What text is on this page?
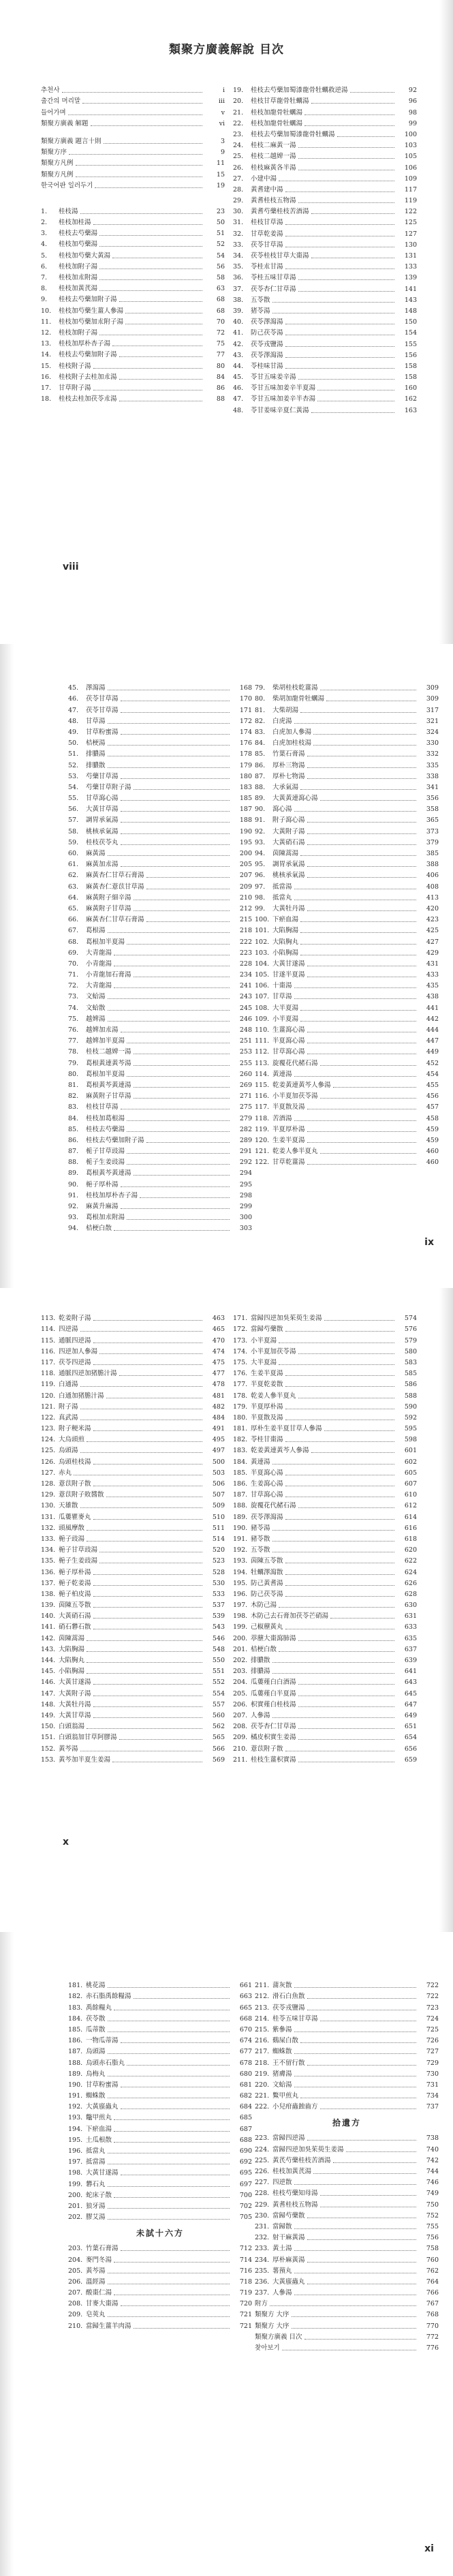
類聚方廣義解說 目次
추천사	i
출간의 머리말	iii
들어가며	v
類聚方廣義 解題	vi
類聚方廣義 題言十則	3
類聚方序	9
類聚方凡例	11
類聚方凡例	15
한국어판 일러두기	19
1.	桂枝湯	23
2.	桂枝加桂湯	50
3.	桂枝去芍藥湯	51
4.	桂枝加芍藥湯	52
5.	桂枝加芍藥大黃湯	54
6.	桂枝加附子湯	56
7.	桂枝加朮附湯	58
8.	桂枝加黃芪湯	63
9.	桂枝去芍藥加附子湯	68
10.	桂枝加芍藥生薑人參湯	68
11.	桂枝加芍藥加朮附子湯	70
12.	桂枝加附子湯	72
13.	桂枝加厚朴杏子湯	75
14.	桂枝去芍藥加附子湯	77
15.	桂枝附子湯	80
16.	桂枝附子去桂加朮湯	84
17.	甘草附子湯	86
18.	桂枝去桂加茯苓朮湯	88
19.	桂枝去芍藥加蜀漆龍骨牡蠣救逆湯	92
20.	桂枝甘草龍骨牡蠣湯	96
21.	桂枝加龍骨牡蠣湯	98
22.	桂枝加龍骨牡蠣湯	99
23.	桂枝去芍藥加蜀漆龍骨牡蠣湯	100
24.	桂枝二麻黃一湯	103
25.	桂枝二越婢一湯	105
26.	桂枝麻黃各半湯	106
27.	小建中湯	109
28.	黃耆建中湯	117
29.	黃耆桂枝五物湯	119
30.	黃耆芍藥桂枝苦酒湯	122
31.	桂枝甘草湯	125
32.	甘草乾姜湯	127
33.	茯苓甘草湯	130
34.	茯苓桂枝甘草大棗湯	131
35.	苓桂朮甘湯	133
36.	苓桂五味甘草湯	139
37.	茯苓杏仁甘草湯	141
38.	五苓散	143
39.	猪苓湯	148
40.	茯苓澤瀉湯	150
41.	防己茯苓湯	154
42.	茯苓戎鹽湯	155
43.	茯苓澤瀉湯	156
44.	苓桂味甘湯	158
45.	苓甘五味姜辛湯	158
46.	苓甘五味加姜辛半夏湯	160
47.	苓甘五味加姜辛半杏湯	162
48.	苓甘姜味辛夏仁黃湯	163
viii
45.	澤瀉湯	168
46.	茯苓甘草湯	170
47.	茯苓甘草湯	171
48.	甘草湯	172
49.	甘草粉蜜湯	174
50.	桔梗湯	176
51.	排膿湯	178
52.	排膿散	179
53.	芍藥甘草湯	180
54.	芍藥甘草附子湯	183
55.	甘草瀉心湯	185
56.	大黃甘草湯	187
57.	調胃承氣湯	188
58.	桃核承氣湯	190
59.	桂枝茯苓丸	195
60.	麻黃湯	200
61.	麻黃加朮湯	205
62.	麻黃杏仁甘草石膏湯	207
63.	麻黃杏仁薏苡甘草湯	209
64.	麻黃附子細辛湯	210
65.	麻黃附子甘草湯	212
66.	麻黃杏仁甘草石膏湯	215
67.	葛根湯	218
68.	葛根加半夏湯	222
69.	大青龍湯	223
70.	小青龍湯	228
71.	小青龍加石膏湯	234
72.	大青龍湯	241
73.	文蛤湯	243
74.	文蛤散	245
75.	越婢湯	246
76.	越婢加朮湯	248
77.	越婢加半夏湯	251
78.	桂枝二越婢一湯	253
79.	葛根黃連黃芩湯	255
80.	葛根加半夏湯	260
81.	葛根黃芩黃連湯	269
82.	麻黃附子甘草湯	271
83.	桂枝甘草湯	275
84.	桂枝加葛根湯	279
85.	桂枝去芍藥湯	282
86.	桂枝去芍藥加附子湯	289
87.	栀子甘草豉湯	291
88.	栀子生姜豉湯	292
89.	葛根黃芩黃連湯	294
90.	梔子厚朴湯	295
91.	桂枝加厚朴杏子湯	298
92.	麻黃升麻湯	299
93.	葛根加朮附湯	300
94.	桔梗白散	303
79.	柴胡桂枝乾薑湯	309
80.	柴胡加龍骨牡蠣湯	309
81.	大柴胡湯	317
82.	白虎湯	321
83.	白虎加人參湯	324
84.	白虎加桂枝湯	330
85.	竹葉石膏湯	332
86.	厚朴三物湯	335
87.	厚朴七物湯	338
88.	大承氣湯	341
89.	大黃黃連瀉心湯	356
90.	瀉心湯	358
91.	附子瀉心湯	365
92.	大黃附子湯	373
93.	大黃硝石湯	379
94.	茵陳蒿湯	385
95.	調胃承氣湯	388
96.	桃核承氣湯	406
97.	抵當湯	408
98.	抵當丸	413
99.	大黃牡丹湯	420
100. 下瘀血湯	423
101. 大陷胸湯	425
102. 大陷胸丸	427
103. 小陷胸湯	429
104. 大黃甘遂湯	431
105. 甘遂半夏湯	433
106. 十棗湯	435
107. 甘草湯	438
108. 大半夏湯	441
109. 小半夏湯	442
110. 生薑瀉心湯	444
111. 半夏瀉心湯	447
112. 甘草瀉心湯	449
113. 旋覆花代赭石湯	452
114. 黃連湯	454
115. 乾姜黃連黃芩人參湯	455
116. 小半夏加茯苓湯	456
117. 半夏散及湯	457
118. 苦酒湯	458
119. 半夏厚朴湯	459
120. 生姜半夏湯	459
121. 乾姜人參半夏丸	460
122. 甘草乾薑湯	460
ix
113. 乾姜附子湯	463
114. 四逆湯	465
115. 通脈四逆湯	470
116. 四逆加人參湯	474
117. 茯苓四逆湯	475
118. 通脈四逆加猪膽汁湯	477
119. 白通湯	478
120. 白通加猪膽汁湯	481
121. 附子湯	482
122. 真武湯	484
123. 附子粳米湯	491
124. 大烏頭煎	495
125. 烏頭湯	497
126. 烏頭桂枝湯	500
127. 赤丸	503
128. 薏苡附子散	506
129. 薏苡附子敗醬散	507
130. 天雄散	509
131. 瓜蔞瞿麥丸	510
132. 頭風摩散	511
133. 梔子豉湯	514
134. 梔子甘草豉湯	520
135. 梔子生姜豉湯	523
136. 梔子厚朴湯	528
137. 梔子乾姜湯	530
138. 梔子柏皮湯	533
139. 茵陳五苓散	537
140. 大黃硝石湯	539
141. 硝石礬石散	543
142. 茵陳蒿湯	546
143. 大陷胸湯	548
144. 大陷胸丸	550
145. 小陷胸湯	551
146. 大黃甘遂湯	552
147. 大黃附子湯	554
148. 大黃牡丹湯	557
149. 大黃甘草湯	560
150. 白頭翁湯	562
151. 白頭翁加甘草阿膠湯	565
152. 黃芩湯	566
153. 黃芩加半夏生姜湯	569
171. 當歸四逆加吳茱萸生姜湯	574
172. 當歸芍藥散	576
173. 小半夏湯	579
174. 小半夏加茯苓湯	580
175. 大半夏湯	583
176. 生姜半夏湯	585
177. 半夏乾姜散	586
178. 乾姜人參半夏丸	588
179. 半夏厚朴湯	590
180. 半夏散及湯	592
181. 厚朴生姜半夏甘草人參湯	595
182. 苓桂甘棗湯	598
183. 乾姜黃連黃芩人參湯	601
184. 黃連湯	602
185. 半夏瀉心湯	605
186. 生姜瀉心湯	607
187. 甘草瀉心湯	610
188. 旋覆花代赭石湯	612
189. 茯苓澤瀉湯	614
190. 豬苓湯	616
191. 豬苓散	618
192. 五苓散	620
193. 茵陳五苓散	622
194. 牡蠣澤瀉散	624
195. 防己黃耆湯	626
196. 防己茯苓湯	628
197. 木防己湯	630
198. 木防己去石膏加茯苓芒硝湯	631
199. 己椒藶黃丸	633
200. 葶藶大棗瀉肺湯	635
201. 桔梗白散	637
202. 排膿散	639
203. 排膿湯	641
204. 瓜蔞薤白白酒湯	643
205. 瓜蔞薤白半夏湯	645
206. 枳實薤白桂枝湯	647
207. 人參湯	649
208. 茯苓杏仁甘草湯	651
209. 橘皮枳實生姜湯	654
210. 薏苡附子散	656
211. 桂枝生薑枳實湯	659
x
181. 桃花湯	661
182. 赤石脂禹餘糧湯	663
183. 禹餘糧丸	665
184. 茯苓散	668
185. 瓜蒂散	670
186. 一物瓜蒂湯	674
187. 烏頭湯	677
188. 烏頭赤石脂丸	678
189. 烏梅丸	680
190. 甘草粉蜜湯	681
191. 蜘蛛散	682
192. 大黃䗪蟲丸	684
193. 鼈甲煎丸	685
194. 下瘀血湯	687
195. 土瓜根散	688
196. 抵當丸	690
197. 抵當湯	692
198. 大黃甘遂湯	695
199. 礬石丸	697
200. 蛇床子散	700
201. 狼牙湯	702
202. 膠艾湯	705
未試十六方
203. 竹葉石膏湯	712
204. 麥門冬湯	714
205. 黃芩湯	716
206. 溫經湯	718
207. 酸棗仁湯	719
208. 甘麥大棗湯	720
209. 皂莢丸	721
210. 當歸生薑羊肉湯	721
211. 蒲灰散	722
212. 滑石白魚散	722
213. 茯苓戎鹽湯	723
214. 桂苓五味甘草湯	724
215. 紫參湯	725
216. 鷄屎白散	726
217. 蜘蛛散	727
218. 王不留行散	729
219. 猪膚湯	730
220. 文蛤湯	731
221. 鱉甲煎丸	734
222. 小兒疳蟲蝕齒方	737
拾遺方
223. 當歸四逆湯	738
224. 當歸四逆加吳茱萸生姜湯	740
225. 黃芪芍藥桂枝苦酒湯	742
226. 桂枝加黃芪湯	744
227. 四逆散	746
228. 桂枝芍藥知母湯	749
229. 黃耆桂枝五物湯	750
230. 當歸芍藥散	752
231. 當歸散	755
232. 射干麻黃湯	756
233. 黃土湯	758
234. 厚朴麻黃湯	760
235. 薯蕷丸	762
236. 大黃䗪蟲丸	764
237. 人參湯	766
附方	767
類聚方 大序	768
類聚方 大序	770
類聚方廣義 目次	772
찾아보기	776
xi
